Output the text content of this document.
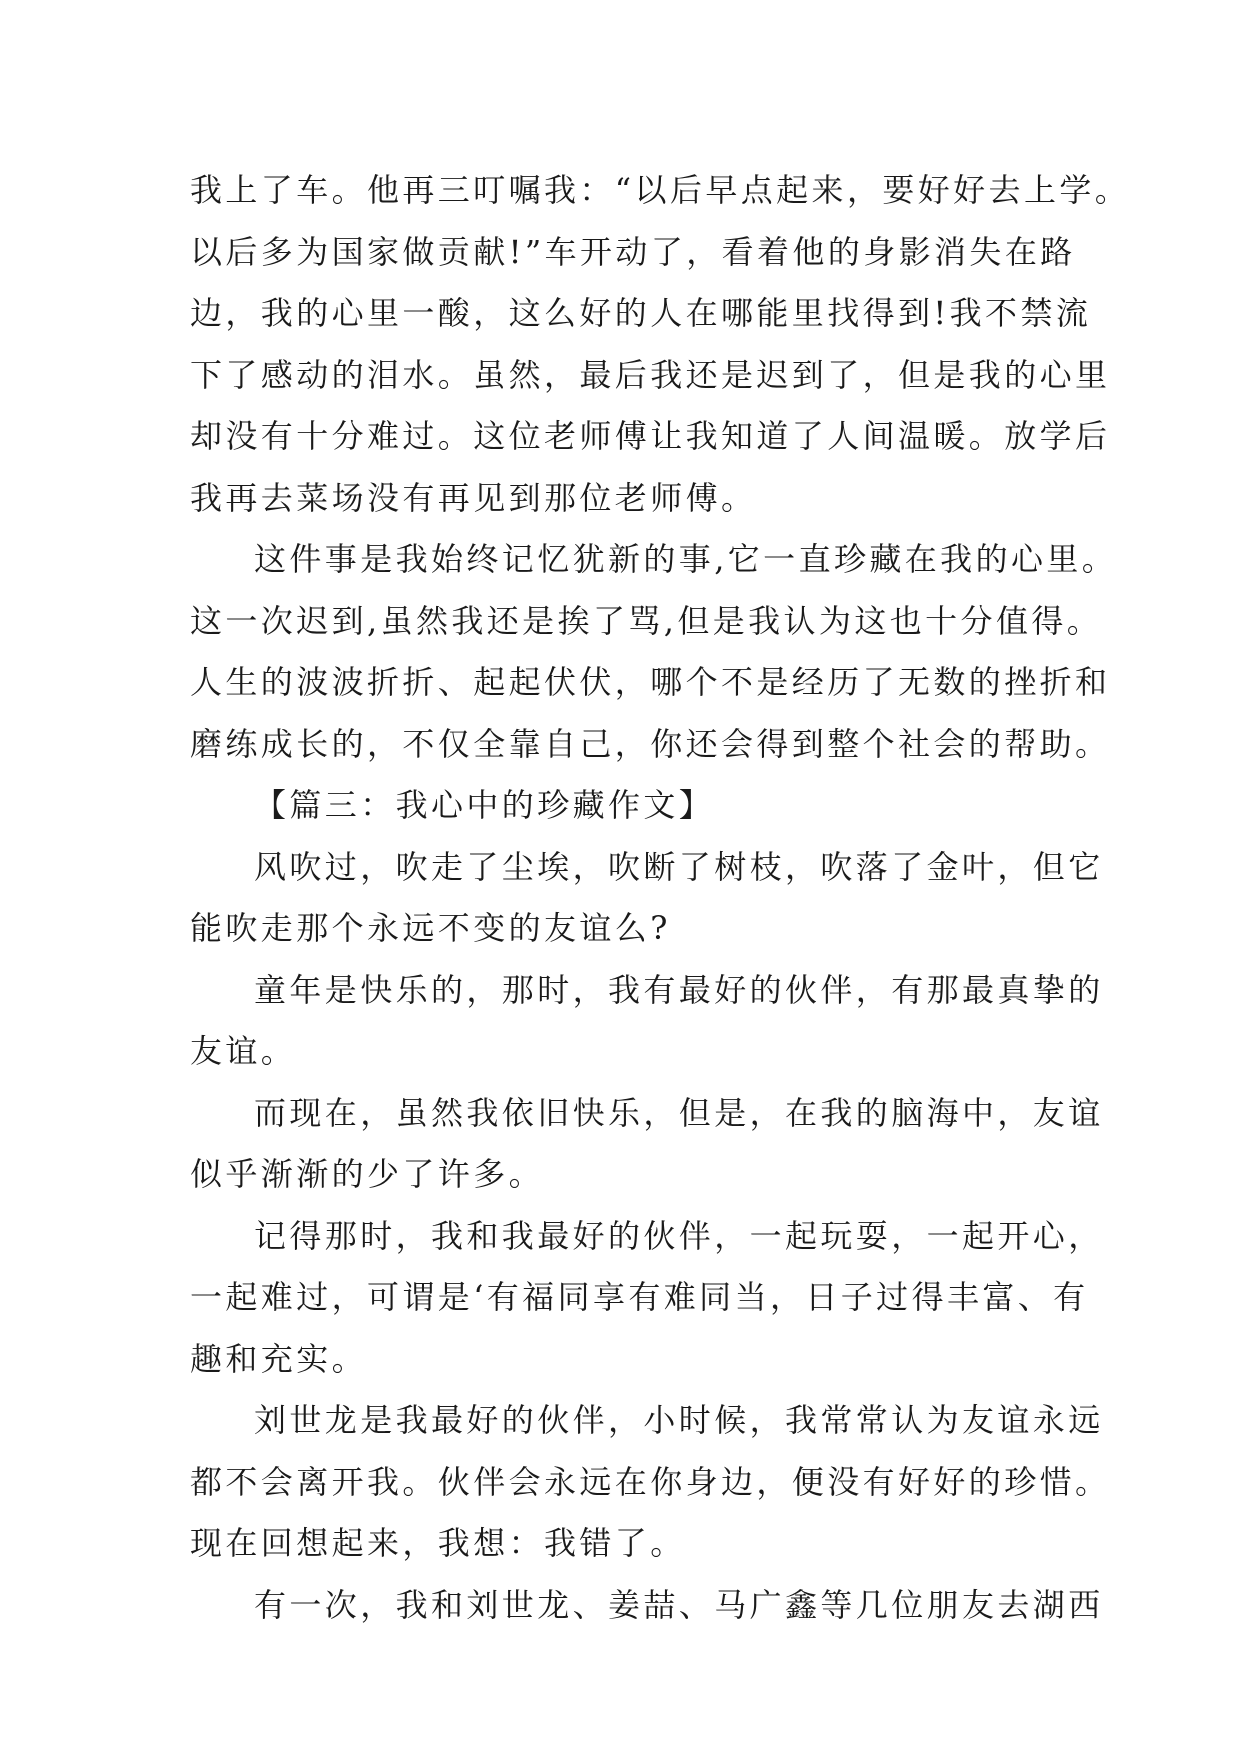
我上了车。他再三叮嘱我：“以后早点起来，要好好去上学。
以后多为国家做贡献!”车开动了，看着他的身影消失在路
边，我的心里一酸，这么好的人在哪能里找得到!我不禁流
下了感动的泪水。虽然，最后我还是迟到了，但是我的心里
却没有十分难过。这位老师傅让我知道了人间温暖。放学后
我再去菜场没有再见到那位老师傅。
这件事是我始终记忆犹新的事,它一直珍藏在我的心里。
这一次迟到,虽然我还是挨了骂,但是我认为这也十分值得。
人生的波波折折、起起伏伏，哪个不是经历了无数的挫折和
磨练成长的，不仅全靠自己，你还会得到整个社会的帮助。
【篇三：我心中的珍藏作文】
风吹过，吹走了尘埃，吹断了树枝，吹落了金叶，但它
能吹走那个永远不变的友谊么?
童年是快乐的，那时，我有最好的伙伴，有那最真挚的
友谊。
而现在，虽然我依旧快乐，但是，在我的脑海中，友谊
似乎渐渐的少了许多。
记得那时，我和我最好的伙伴，一起玩耍，一起开心，
一起难过，可谓是‘有福同享有难同当，日子过得丰富、有
趣和充实。
刘世龙是我最好的伙伴，小时候，我常常认为友谊永远
都不会离开我。伙伴会永远在你身边，便没有好好的珍惜。
现在回想起来，我想：我错了。
有一次，我和刘世龙、姜喆、马广鑫等几位朋友去湖西
